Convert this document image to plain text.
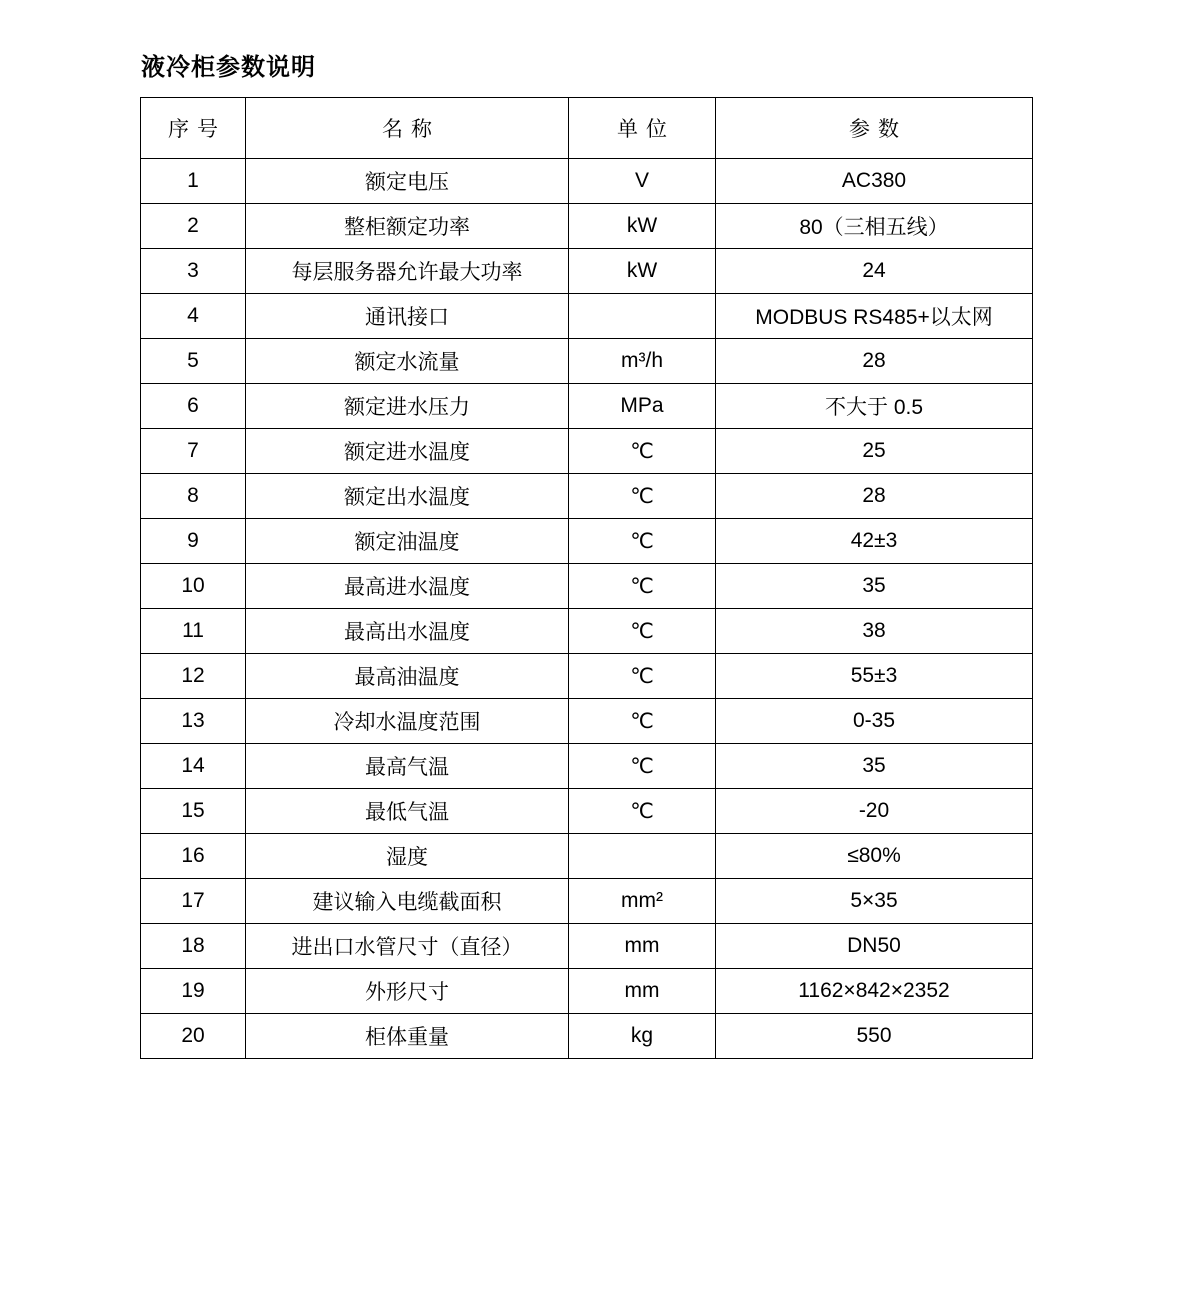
液冷柜参数说明
序号	名称	单位	参数
1	额定电压	V	AC380
2	整柜额定功率	kW	80（三相五线）
3	每层服务器允许最大功率	kW	24
4	通讯接口		MODBUS RS485+以太网
5	额定水流量	m³/h	28
6	额定进水压力	MPa	不大于 0.5
7	额定进水温度	℃	25
8	额定出水温度	℃	28
9	额定油温度	℃	42±3
10	最高进水温度	℃	35
11	最高出水温度	℃	38
12	最高油温度	℃	55±3
13	冷却水温度范围	℃	0-35
14	最高气温	℃	35
15	最低气温	℃	-20
16	湿度		≤80%
17	建议输入电缆截面积	mm²	5×35
18	进出口水管尺寸（直径）	mm	DN50
19	外形尺寸	mm	1162×842×2352
20	柜体重量	kg	550
